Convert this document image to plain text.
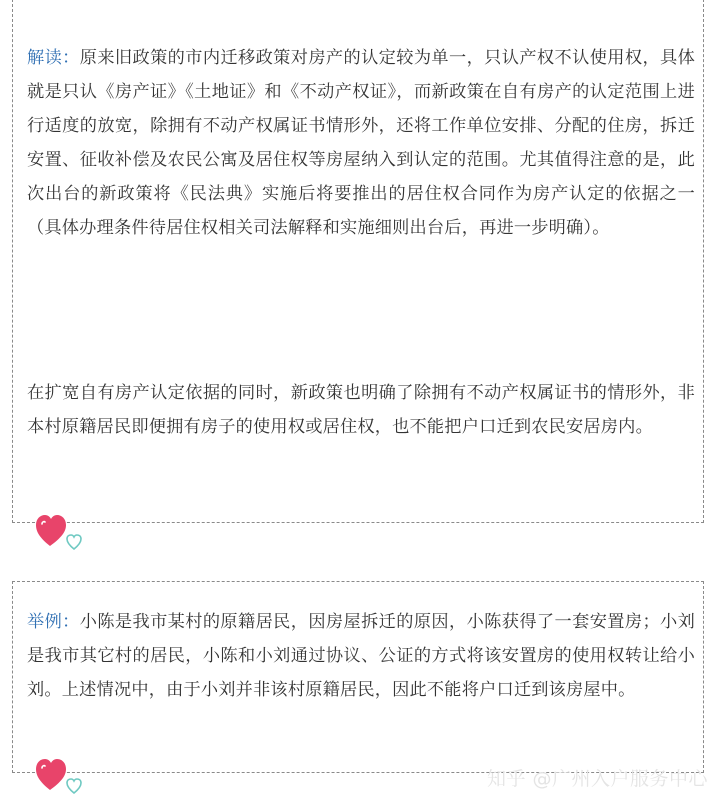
解读：原来旧政策的市内迁移政策对房产的认定较为单一，只认产权不认使用权，具体就是只认《房产证》《土地证》和《不动产权证》，而新政策在自有房产的认定范围上进行适度的放宽，除拥有不动产权属证书情形外，还将工作单位安排、分配的住房，拆迁安置、征收补偿及农民公寓及居住权等房屋纳入到认定的范围。尤其值得注意的是，此次出台的新政策将《民法典》实施后将要推出的居住权合同作为房产认定的依据之一（具体办理条件待居住权相关司法解释和实施细则出台后，再进一步明确）。

在扩宽自有房产认定依据的同时，新政策也明确了除拥有不动产权属证书的情形外，非本村原籍居民即便拥有房子的使用权或居住权，也不能把户口迁到农民安居房内。

举例：小陈是我市某村的原籍居民，因房屋拆迁的原因，小陈获得了一套安置房；小刘是我市其它村的居民，小陈和小刘通过协议、公证的方式将该安置房的使用权转让给小刘。上述情况中，由于小刘并非该村原籍居民，因此不能将户口迁到该房屋中。

知乎 @广州入户服务中心
